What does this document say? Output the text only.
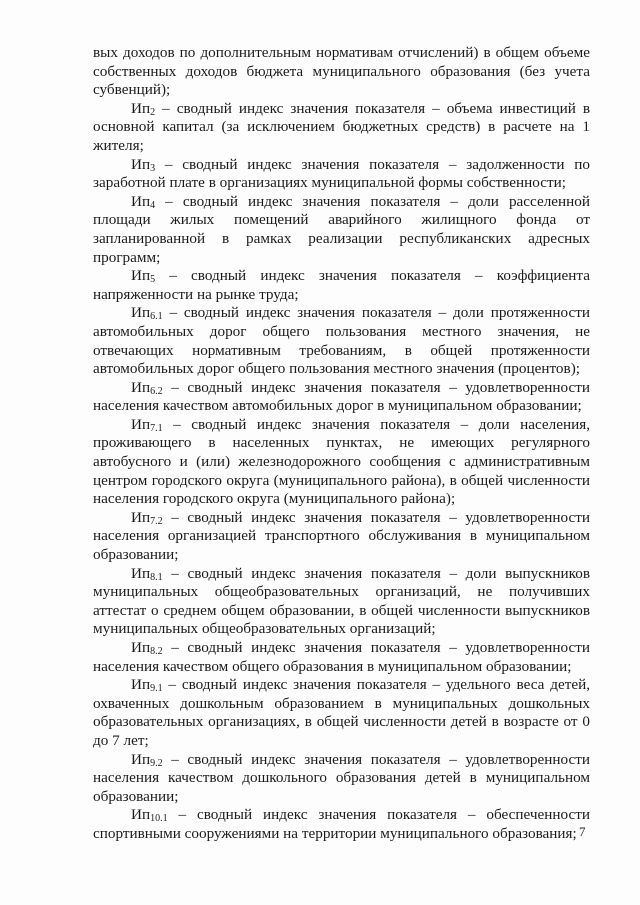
вых доходов по дополнительным нормативам отчислений) в общем объеме собственных доходов бюджета муниципального образования (без учета субвенций);

$Ип_2$ – сводный индекс значения показателя – объема инвестиций в основной капитал (за исключением бюджетных средств) в расчете на 1 жителя;

$Ип_3$ – сводный индекс значения показателя – задолженности по заработной плате в организациях муниципальной формы собственности;

$Ип_4$ – сводный индекс значения показателя – доли расселенной площади жилых помещений аварийного жилищного фонда от запланированной в рамках реализации республиканских адресных программ;

$Ип_5$ – сводный индекс значения показателя – коэффициента напряженности на рынке труда;

$Ип_{6.1}$ – сводный индекс значения показателя – доли протяженности автомобильных дорог общего пользования местного значения, не отвечающих нормативным требованиям, в общей протяженности автомобильных дорог общего пользования местного значения (процентов);

$Ип_{6.2}$ – сводный индекс значения показателя – удовлетворенности населения качеством автомобильных дорог в муниципальном образовании;

$Ип_{7.1}$ – сводный индекс значения показателя – доли населения, проживающего в населенных пунктах, не имеющих регулярного автобусного и (или) железнодорожного сообщения с административным центром городского округа (муниципального района), в общей численности населения городского округа (муниципального района);

$Ип_{7.2}$ – сводный индекс значения показателя – удовлетворенности населения организацией транспортного обслуживания в муниципальном образовании;

$Ип_{8.1}$ – сводный индекс значения показателя – доли выпускников муниципальных общеобразовательных организаций, не получивших аттестат о среднем общем образовании, в общей численности выпускников муниципальных общеобразовательных организаций;

$Ип_{8.2}$ – сводный индекс значения показателя – удовлетворенности населения качеством общего образования в муниципальном образовании;

$Ип_{9.1}$ – сводный индекс значения показателя – удельного веса детей, охваченных дошкольным образованием в муниципальных дошкольных образовательных организациях, в общей численности детей в возрасте от 0 до 7 лет;

$Ип_{9.2}$ – сводный индекс значения показателя – удовлетворенности населения качеством дошкольного образования детей в муниципальном образовании;

$Ип_{10.1}$ – сводный индекс значения показателя – обеспеченности спортивными сооружениями на территории муниципального образования; 7
